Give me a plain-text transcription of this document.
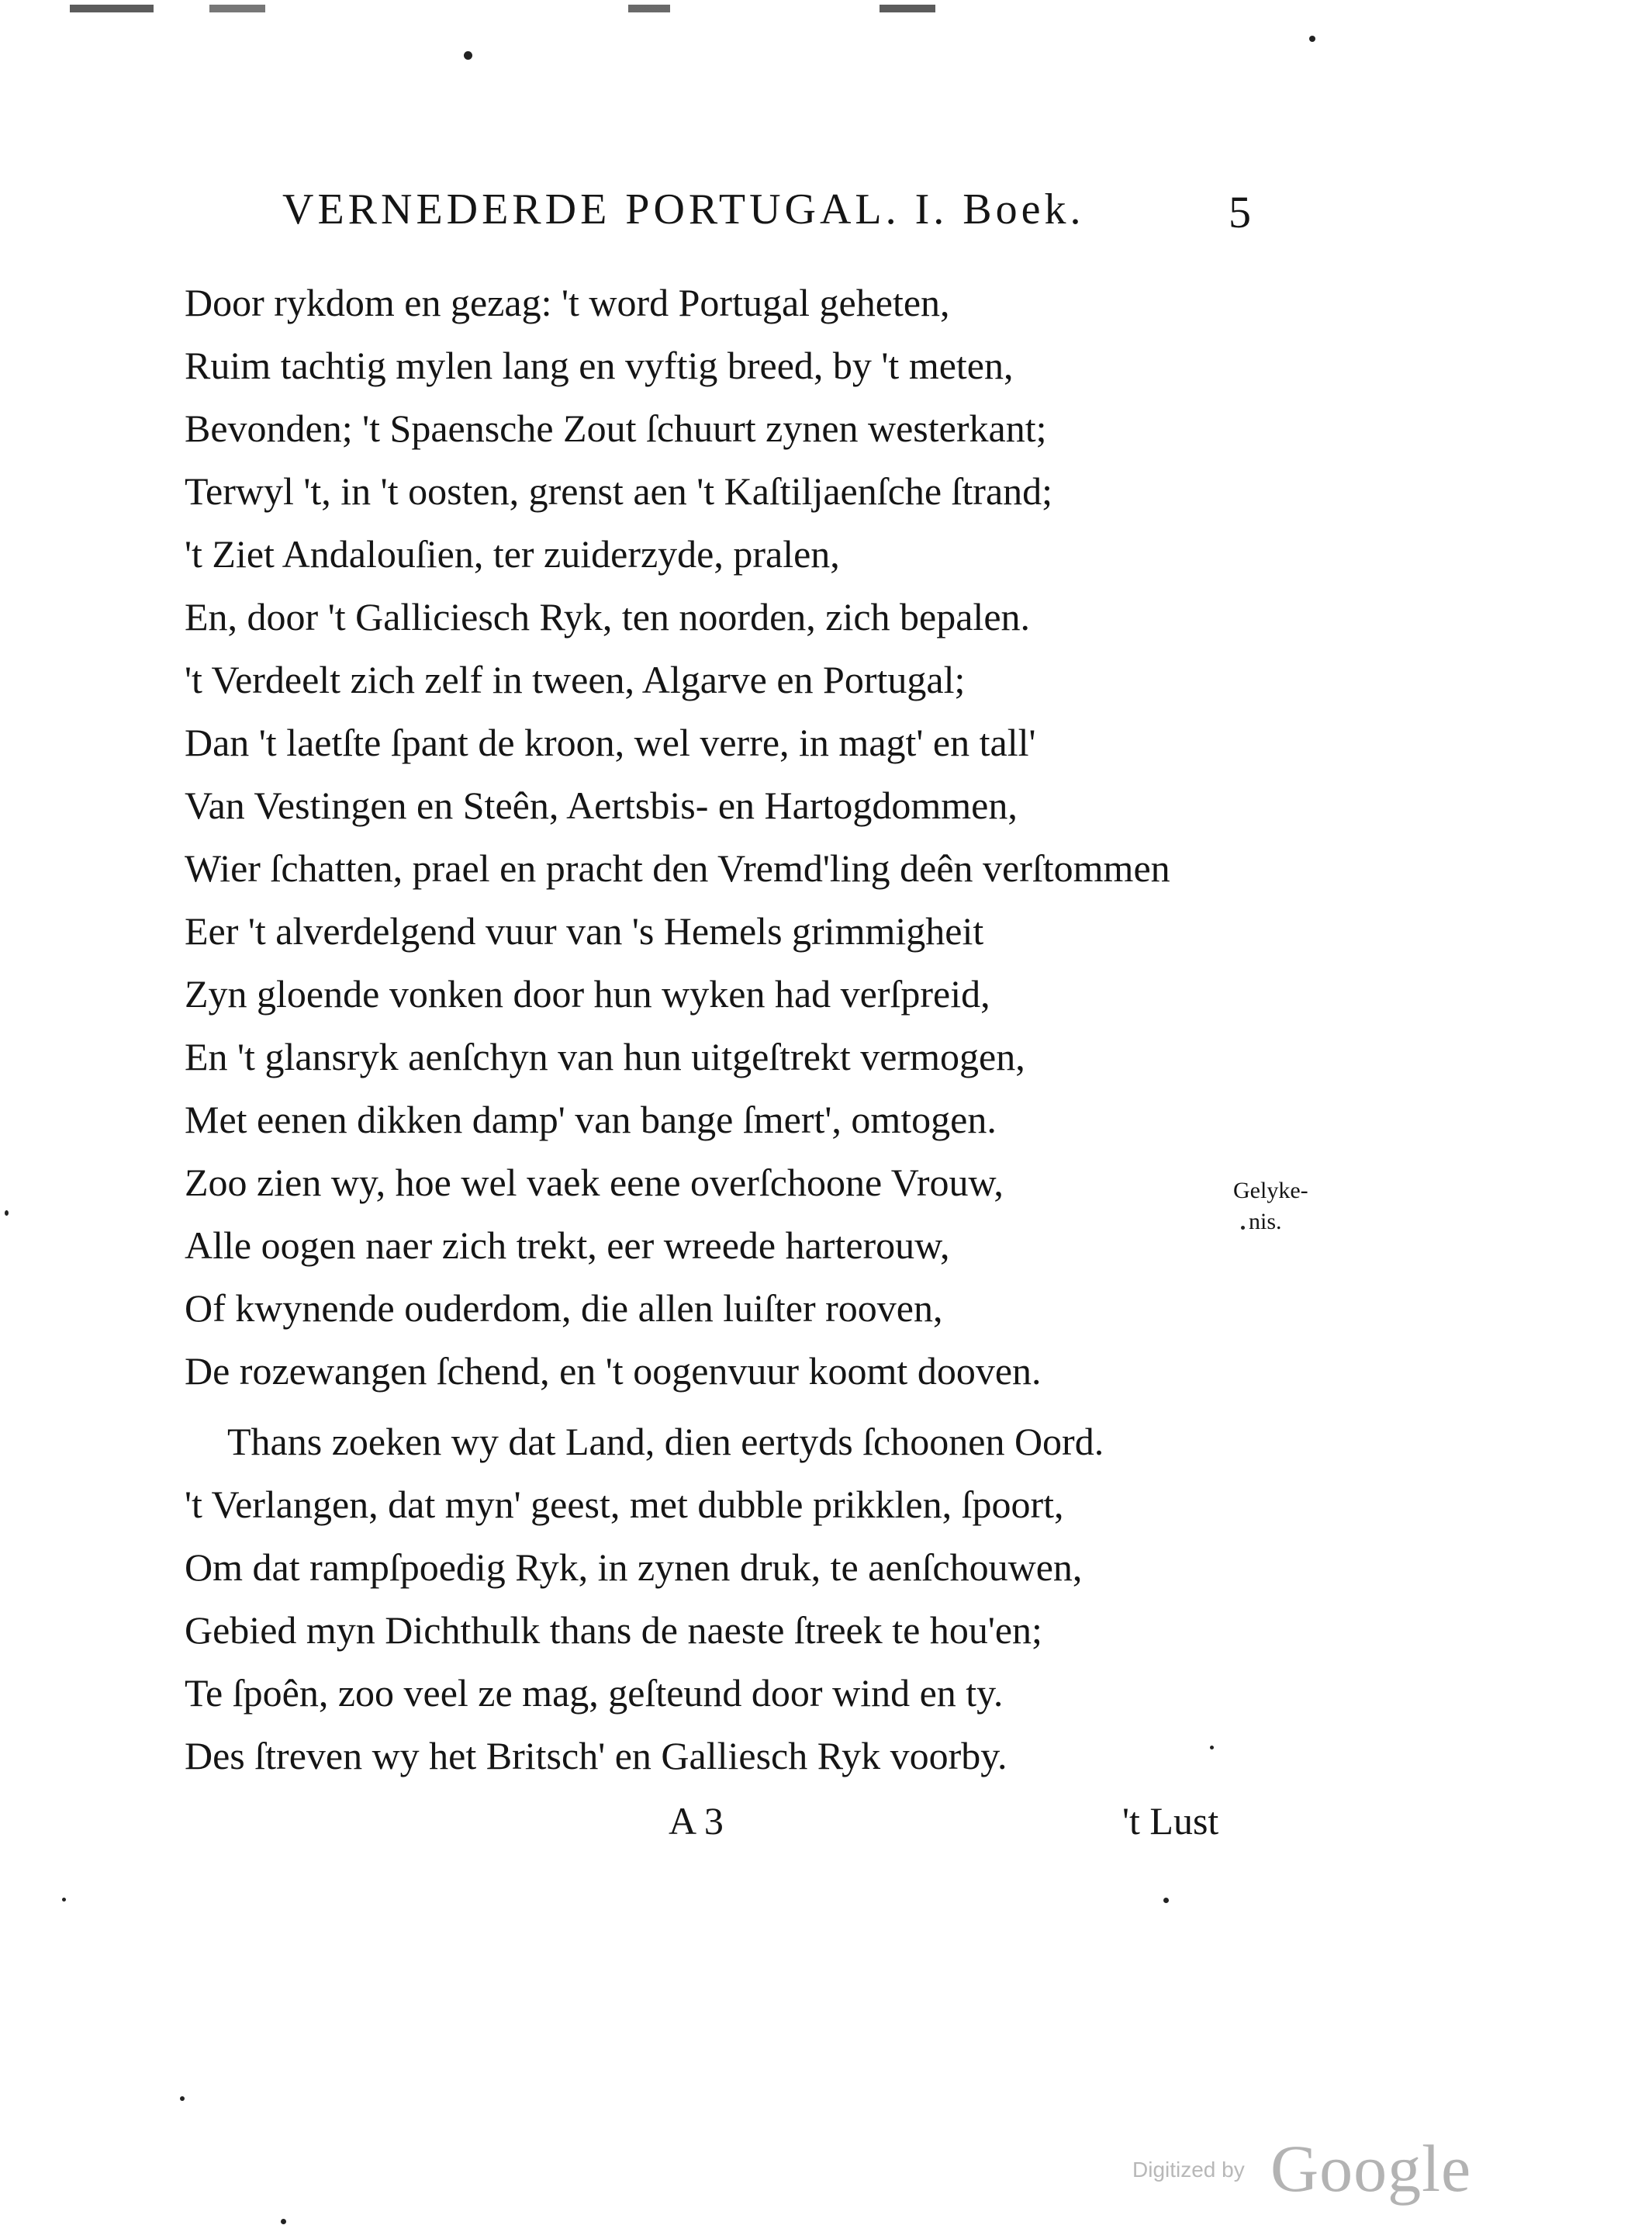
VERNEDERDE PORTUGAL. I. Boek.	5
Door rykdom en gezag: 't word Portugal geheten,
Ruim tachtig mylen lang en vyftig breed, by 't meten,
Bevonden; 't Spaensche Zout ſchuurt zynen westerkant;
Terwyl 't, in 't oosten, grenst aen 't Kaſtiljaenſche ſtrand;
't Ziet Andalouſien, ter zuiderzyde, pralen,
En, door 't Galliciesch Ryk, ten noorden, zich bepalen.
't Verdeelt zich zelf in tween, Algarve en Portugal;
Dan 't laetſte ſpant de kroon, wel verre, in magt' en tall'
Van Vestingen en Steên, Aertsbis- en Hartogdommen,
Wier ſchatten, prael en pracht den Vremd'ling deên verſtommen
Eer 't alverdelgend vuur van 's Hemels grimmigheit
Zyn gloende vonken door hun wyken had verſpreid,
En 't glansryk aenſchyn van hun uitgeſtrekt vermogen,
Met eenen dikken damp' van bange ſmert', omtogen.
Zoo zien wy, hoe wel vaek eene overſchoone Vrouw,
Alle oogen naer zich trekt, eer wreede harterouw,
Of kwynende ouderdom, die allen luiſter rooven,
De rozewangen ſchend, en 't oogenvuur koomt dooven.
Thans zoeken wy dat Land, dien eertyds ſchoonen Oord.
't Verlangen, dat myn' geest, met dubble prikklen, ſpoort,
Om dat rampſpoedig Ryk, in zynen druk, te aenſchouwen,
Gebied myn Dichthulk thans de naeste ſtreek te hou'en;
Te ſpoên, zoo veel ze mag, geſteund door wind en ty.
Des ſtreven wy het Britsch' en Galliesch Ryk voorby.
Gelyke-
nis.
A 3	't Lust
Digitized by Google
